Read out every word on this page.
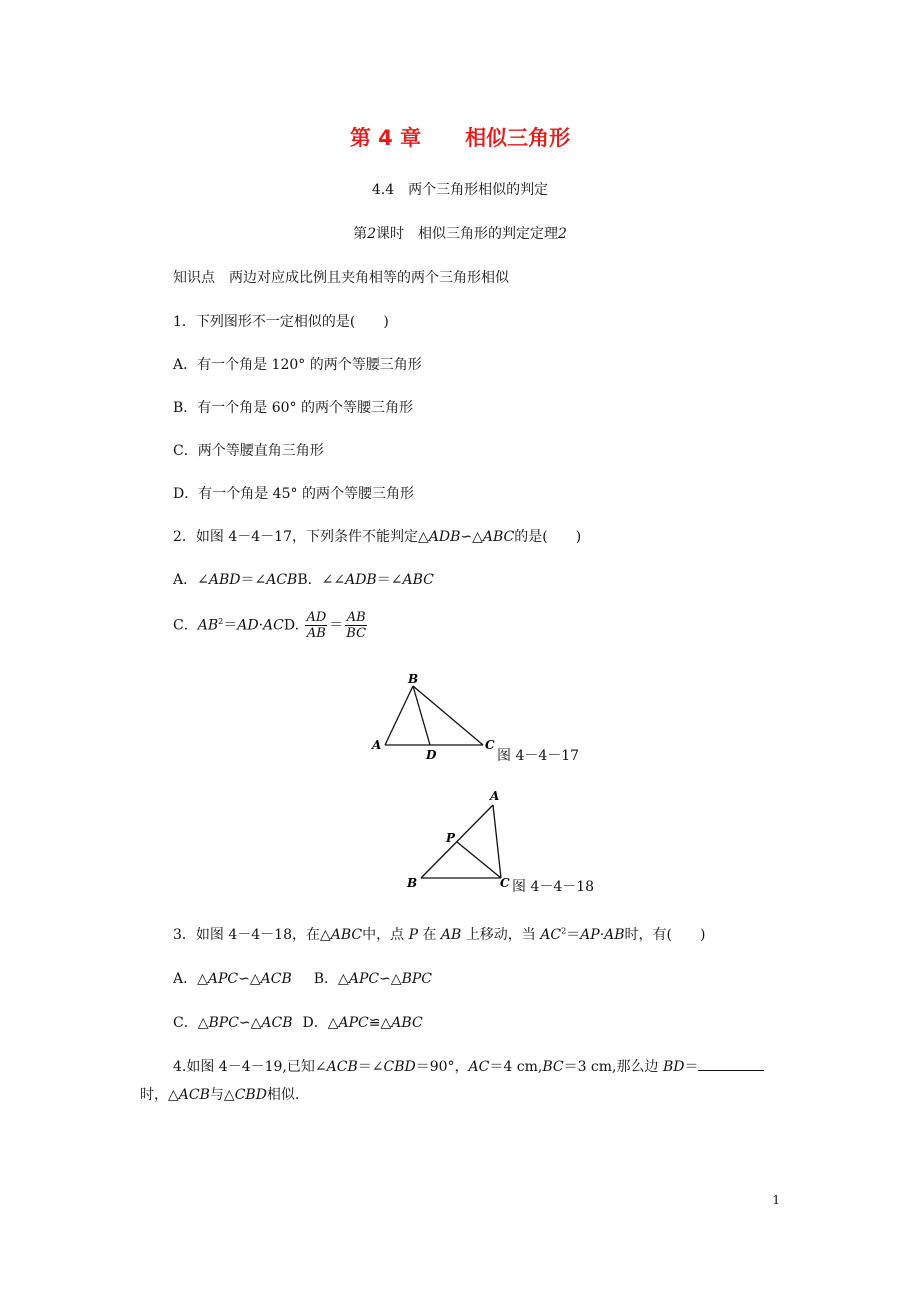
第 4 章 相似三角形
4.4　两个三角形相似的判定
第2课时　相似三角形的判定定理2
知识点　两边对应成比例且夹角相等的两个三角形相似
1．下列图形不一定相似的是(　　)
A．有一个角是 120° 的两个等腰三角形
B．有一个角是 60° 的两个等腰三角形
C．两个等腰直角三角形
D．有一个角是 45° 的两个等腰三角形
2．如图 4－4－17，下列条件不能判定△ADB∽△ABC的是(　　)
A．∠ABD＝∠ACBB．∠∠ADB＝∠ABC
C．$AB^2=AD\cdot ACD$. $\frac{AD}{AB} = \frac{AB}{BC}$
B
A
D
C
图 4－4－17
A
P
B	C 图 4－4－18
3．如图 4－4－18，在△ABC中，点 P 在 AB 上移动，当 $AC^2=AP\cdot AB$时，有(　　)
A．△APC∽△ACB B．△APC∽△BPC
C．△BPC∽△ACB D．△APC≌△ABC
4.如图 4－4－19,已知∠ACB＝∠CBD＝90°，AC＝4 cm,BC＝3 cm,那么边 BD＝
时，△ACB与△CBD相似.
1
